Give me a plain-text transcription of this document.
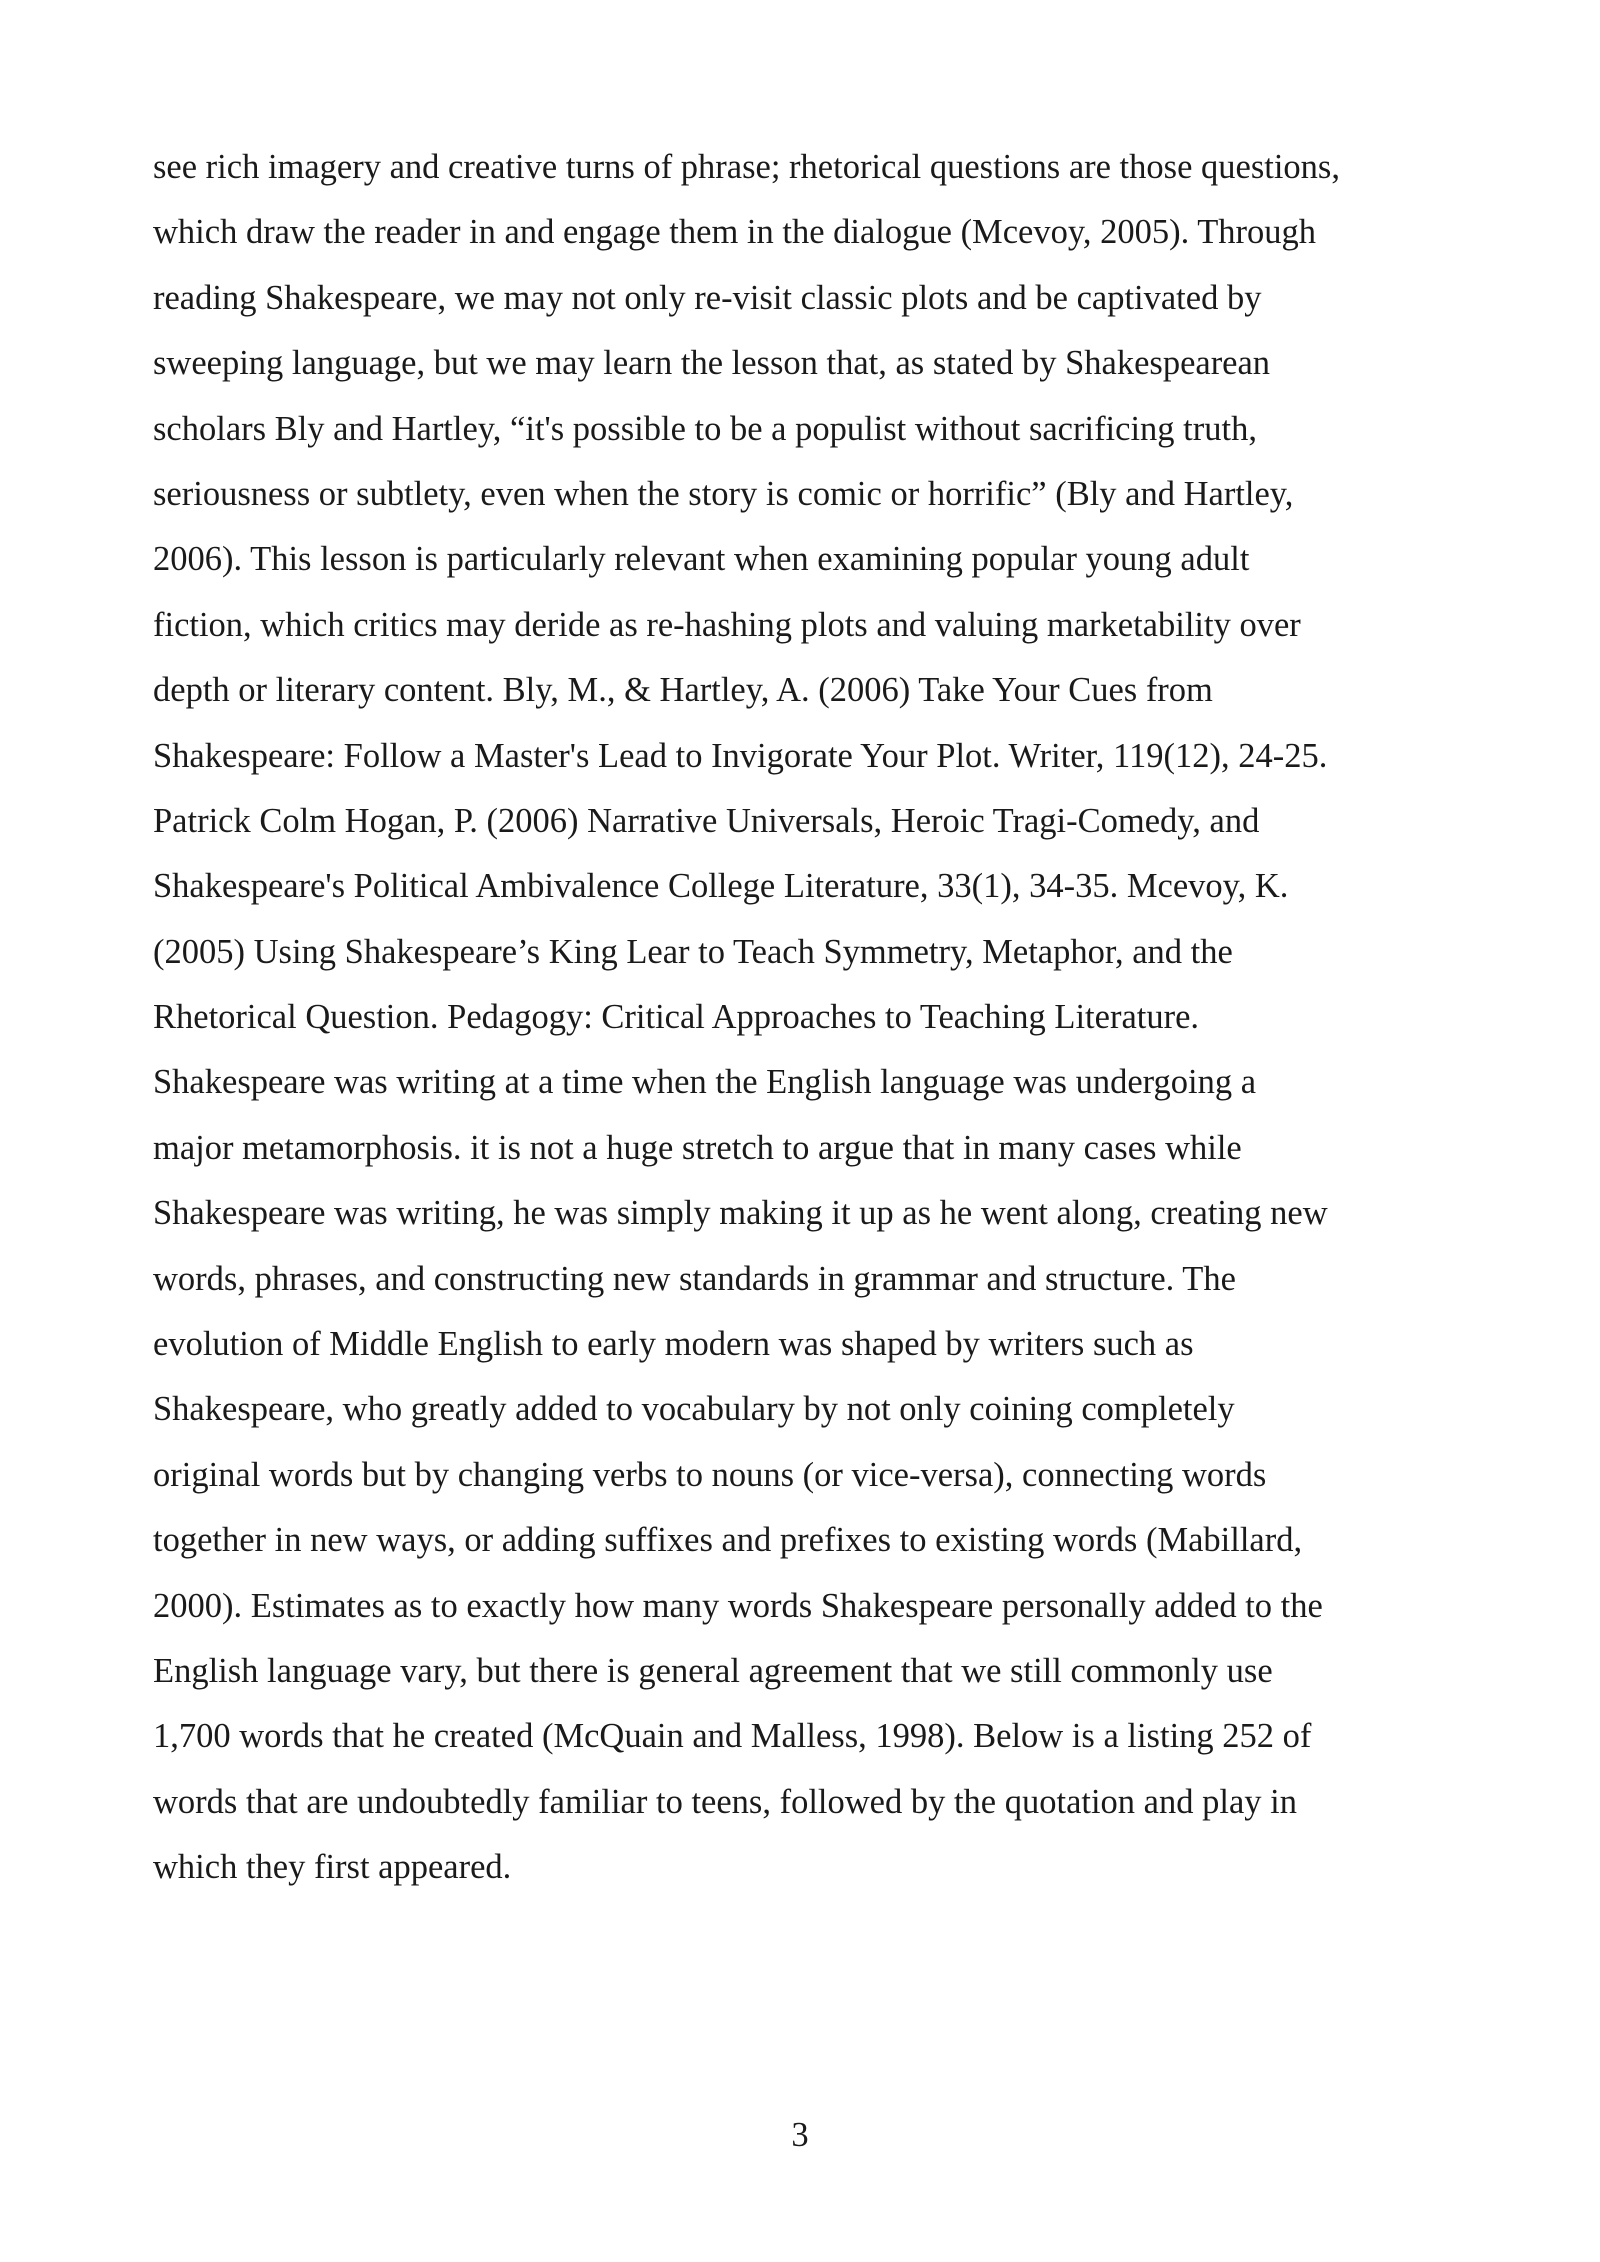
see rich imagery and creative turns of phrase; rhetorical questions are those questions,
which draw the reader in and engage them in the dialogue (Mcevoy, 2005). Through
reading Shakespeare, we may not only re-visit classic plots and be captivated by
sweeping language, but we may learn the lesson that, as stated by Shakespearean
scholars Bly and Hartley, “it's possible to be a populist without sacrificing truth,
seriousness or subtlety, even when the story is comic or horrific” (Bly and Hartley,
2006). This lesson is particularly relevant when examining popular young adult
fiction, which critics may deride as re-hashing plots and valuing marketability over
depth or literary content. Bly, M., & Hartley, A. (2006) Take Your Cues from
Shakespeare: Follow a Master's Lead to Invigorate Your Plot. Writer, 119(12), 24-25.
Patrick Colm Hogan, P. (2006) Narrative Universals, Heroic Tragi-Comedy, and
Shakespeare's Political Ambivalence College Literature, 33(1), 34-35. Mcevoy, K.
(2005) Using Shakespeare’s King Lear to Teach Symmetry, Metaphor, and the
Rhetorical Question. Pedagogy: Critical Approaches to Teaching Literature.
Shakespeare was writing at a time when the English language was undergoing a
major metamorphosis. it is not a huge stretch to argue that in many cases while
Shakespeare was writing, he was simply making it up as he went along, creating new
words, phrases, and constructing new standards in grammar and structure. The
evolution of Middle English to early modern was shaped by writers such as
Shakespeare, who greatly added to vocabulary by not only coining completely
original words but by changing verbs to nouns (or vice-versa), connecting words
together in new ways, or adding suffixes and prefixes to existing words (Mabillard,
2000). Estimates as to exactly how many words Shakespeare personally added to the
English language vary, but there is general agreement that we still commonly use
1,700 words that he created (McQuain and Malless, 1998). Below is a listing 252 of
words that are undoubtedly familiar to teens, followed by the quotation and play in
which they first appeared.

3
